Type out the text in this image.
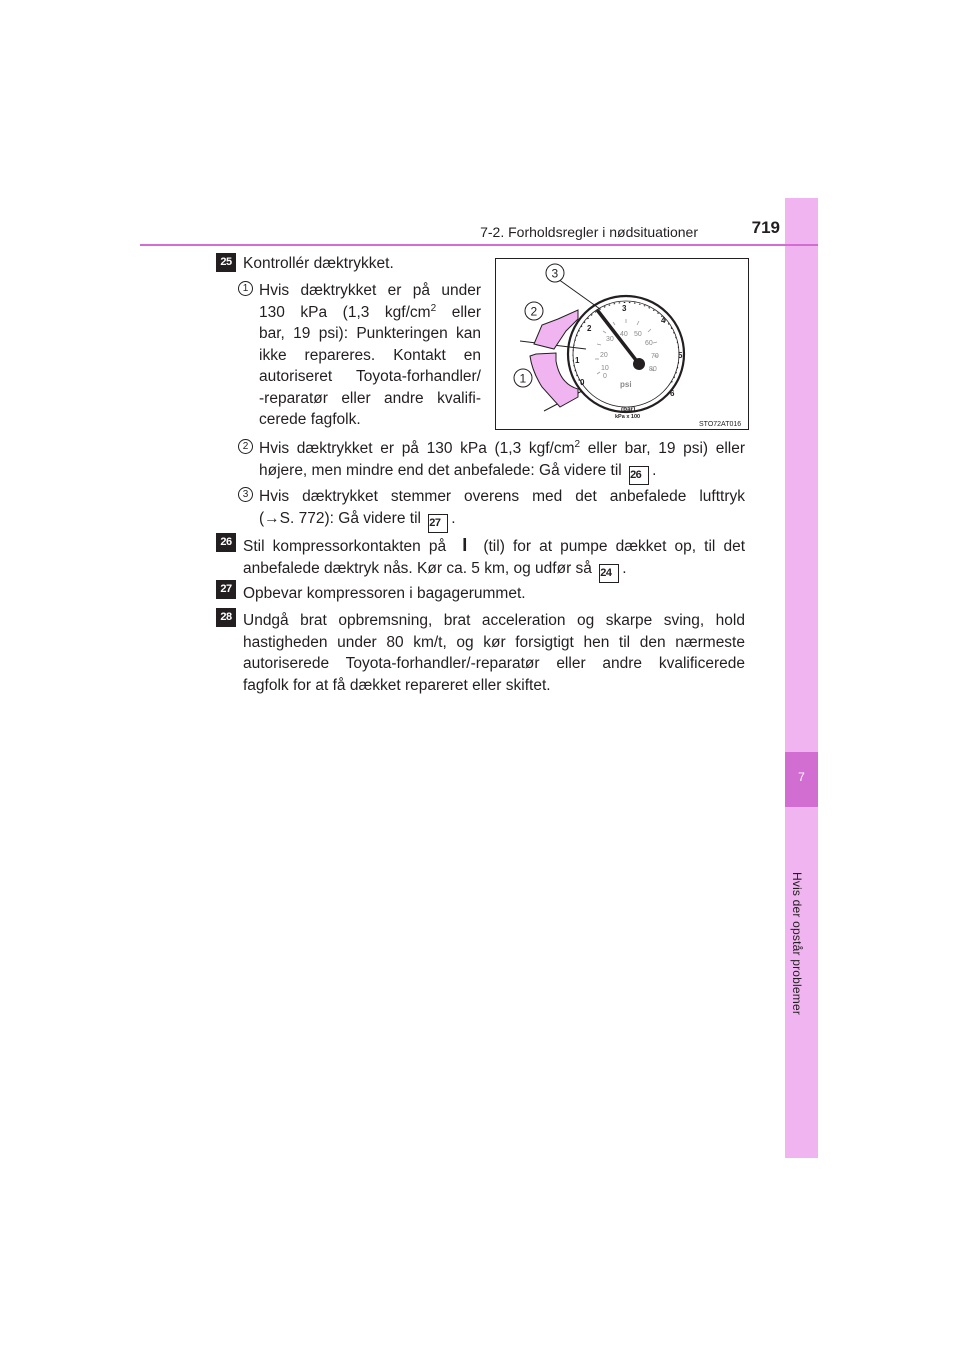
7
Hvis der opstår problemer
7-2. Forholdsregler i nødsituationer	719
25 Kontrollér dæktrykket.
1 Hvis dæktrykket er på under
130 kPa (1,3 kgf/$cm^2$ eller
bar, 19 psi): Punkteringen kan
ikke repareres. Kontakt en
autoriseret Toyota-forhandler/
-reparatør eller andre kvalifi-
cerede fagfolk.
0
1
2
3
4
5
6
0
10
20
30
40 50
60
70
80
psi
(bar)
kPa x 100
3
2
1
STO72AT016
2 Hvis dæktrykket er på 130 kPa (1,3 kgf/$cm^2$ eller bar, 19 psi) eller
højere, men mindre end det anbefalede: Gå videre til 26 .
3 Hvis dæktrykket stemmer overens med det anbefalede lufttryk
(→S. 772): Gå videre til 27 .
26 Stil kompressorkontakten på I (til) for at pumpe dækket op, til det
anbefalede dæktryk nås. Kør ca. 5 km, og udfør så 24 .
27 Opbevar kompressoren i bagagerummet.
28 Undgå brat opbremsning, brat acceleration og skarpe sving, hold
hastigheden under 80 km/t, og kør forsigtigt hen til den nærmeste
autoriserede Toyota-forhandler/-reparatør eller andre kvalificerede
fagfolk for at få dækket repareret eller skiftet.
